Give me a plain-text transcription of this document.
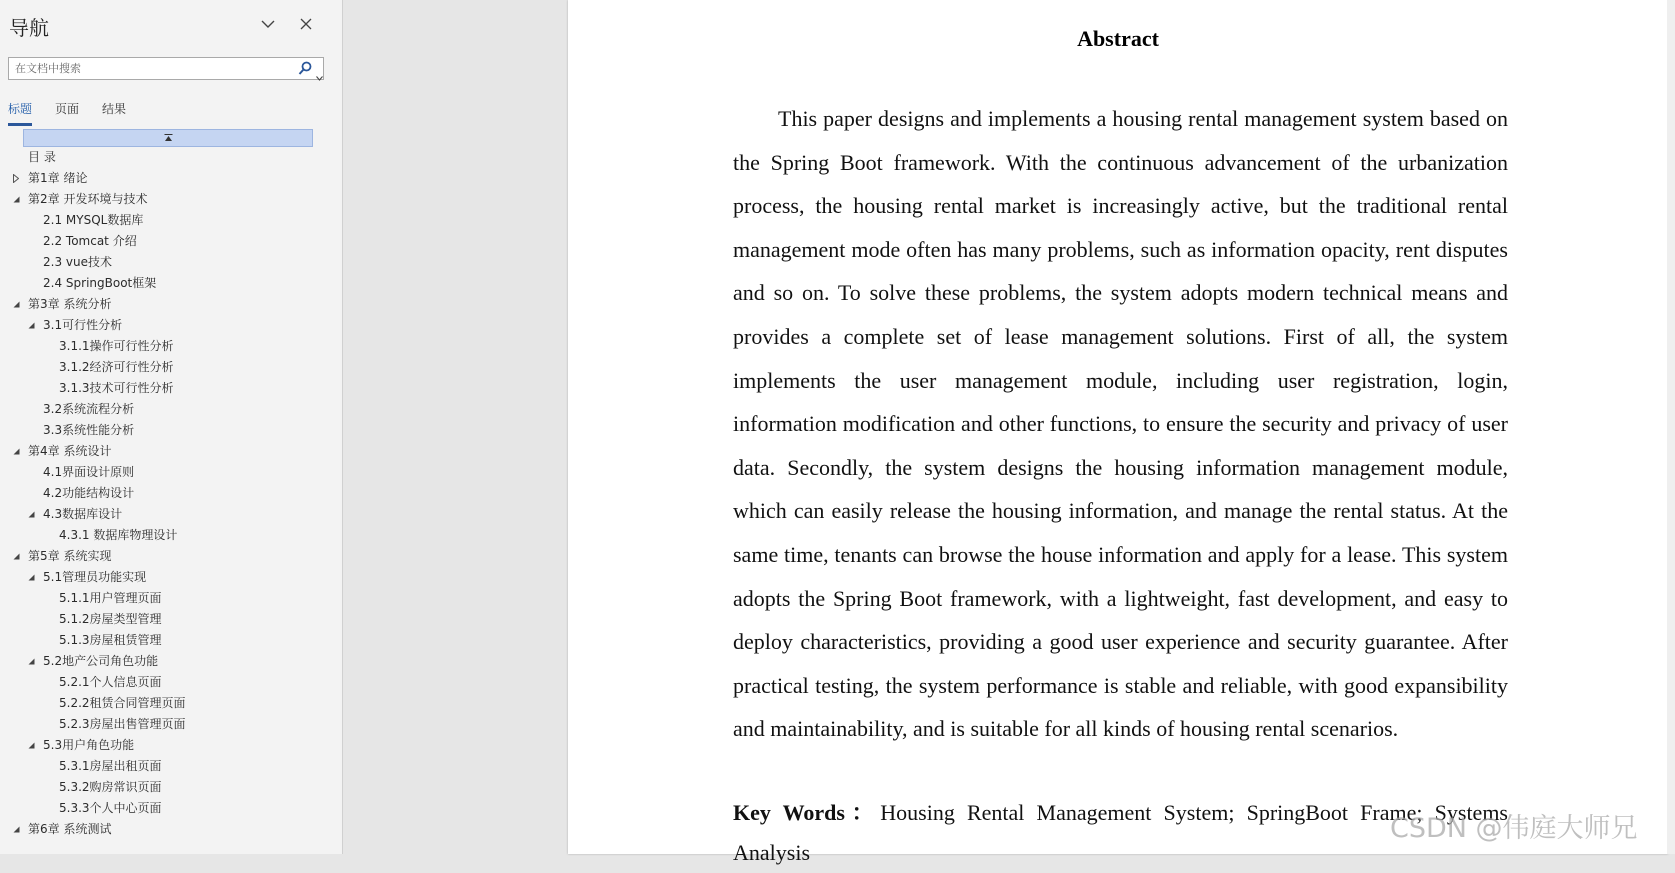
导航
在文档中搜索
标题 页面 结果
目 录
第1章 绪论
第2章 开发环境与技术
2.1 MYSQL数据库
2.2 Tomcat 介绍
2.3 vue技术
2.4 SpringBoot框架
第3章 系统分析
3.1可行性分析
3.1.1操作可行性分析
3.1.2经济可行性分析
3.1.3技术可行性分析
3.2系统流程分析
3.3系统性能分析
第4章 系统设计
4.1界面设计原则
4.2功能结构设计
4.3数据库设计
4.3.1 数据库物理设计
第5章 系统实现
5.1管理员功能实现
5.1.1用户管理页面
5.1.2房屋类型管理
5.1.3房屋租赁管理
5.2地产公司角色功能
5.2.1个人信息页面
5.2.2租赁合同管理页面
5.2.3房屋出售管理页面
5.3用户角色功能
5.3.1房屋出租页面
5.3.2购房常识页面
5.3.3个人中心页面
第6章 系统测试
Abstract

This paper designs and implements a housing rental management system based on the Spring Boot framework. With the continuous advancement of the urbanization process, the housing rental market is increasingly active, but the traditional rental management mode often has many problems, such as information opacity, rent disputes and so on. To solve these problems, the system adopts modern technical means and provides a complete set of lease management solutions. First of all, the system implements the user management module, including user registration, login, information modification and other functions, to ensure the security and privacy of user data. Secondly, the system designs the housing information management module, which can easily release the housing information, and manage the rental status. At the same time, tenants can browse the house information and apply for a lease. This system adopts the Spring Boot framework, with a lightweight, fast development, and easy to deploy characteristics, providing a good user experience and security guarantee. After practical testing, the system performance is stable and reliable, with good expansibility and maintainability, and is suitable for all kinds of housing rental scenarios.

Key Words：Housing Rental Management System; SpringBoot Frame; Systems Analysis

CSDN @伟庭大师兄
